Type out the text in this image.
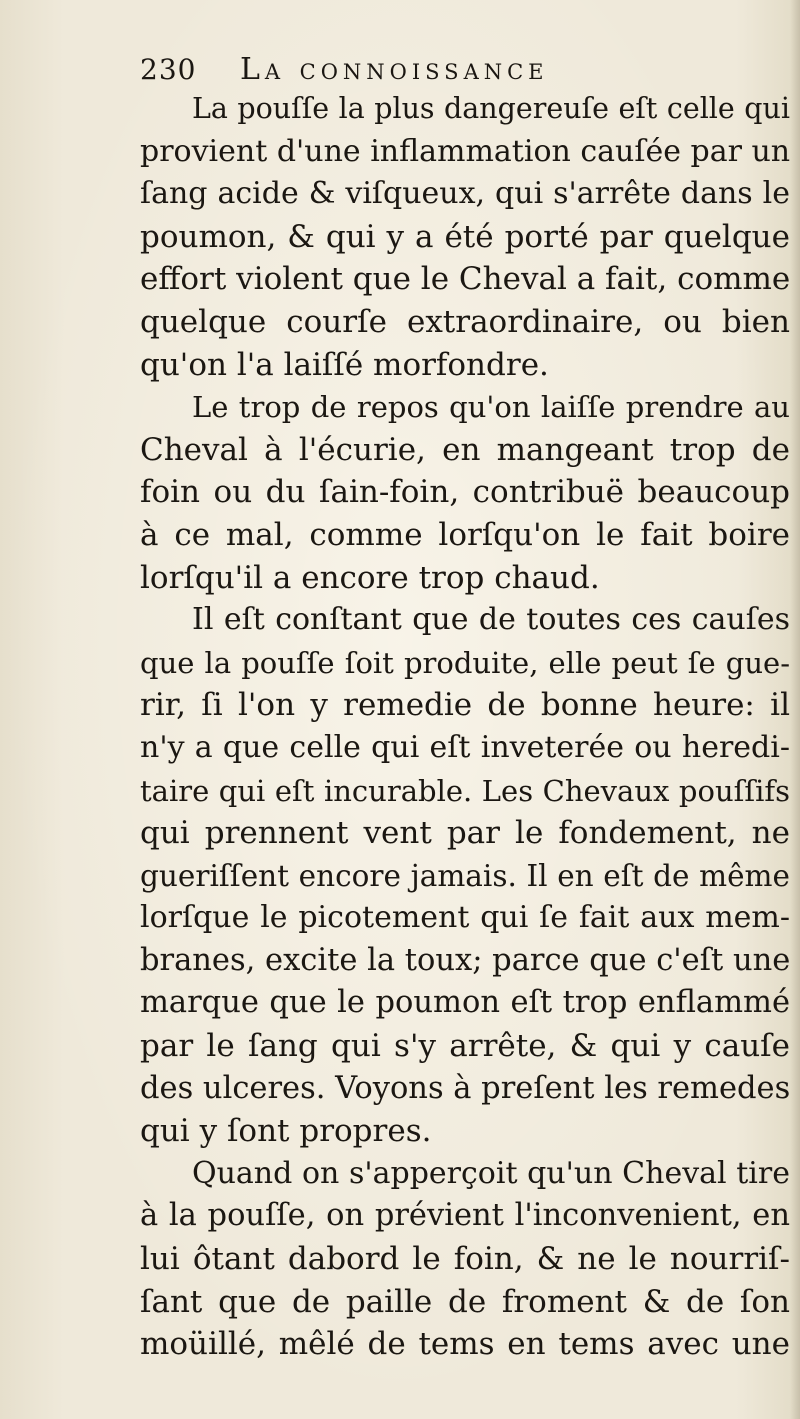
230	La connoissance
La pouſſe la plus dangereuſe eſt celle qui
provient d'une inflammation cauſée par un
ſang acide & viſqueux, qui s'arrête dans le
poumon, & qui y a été porté par quelque
effort violent que le Cheval a fait, comme
quelque courſe extraordinaire, ou bien
qu'on l'a laiſſé morfondre.
Le trop de repos qu'on laiſſe prendre au
Cheval à l'écurie, en mangeant trop de
foin ou du ſain-foin, contribuë beaucoup
à ce mal, comme lorſqu'on le fait boire
lorſqu'il a encore trop chaud.
Il eſt conſtant que de toutes ces cauſes
que la pouſſe ſoit produite, elle peut ſe gue-
rir, ſi l'on y remedie de bonne heure: il
n'y a que celle qui eſt inveterée ou heredi-
taire qui eſt incurable. Les Chevaux pouſſifs
qui prennent vent par le fondement, ne
gueriſſent encore jamais. Il en eſt de même
lorſque le picotement qui ſe fait aux mem-
branes, excite la toux; parce que c'eſt une
marque que le poumon eſt trop enflammé
par le ſang qui s'y arrête, & qui y cauſe
des ulceres. Voyons à preſent les remedes
qui y ſont propres.
Quand on s'apperçoit qu'un Cheval tire
à la pouſſe, on prévient l'inconvenient, en
lui ôtant dabord le foin, & ne le nourriſ-
ſant que de paille de froment & de ſon
moüillé, mêlé de tems en tems avec une
